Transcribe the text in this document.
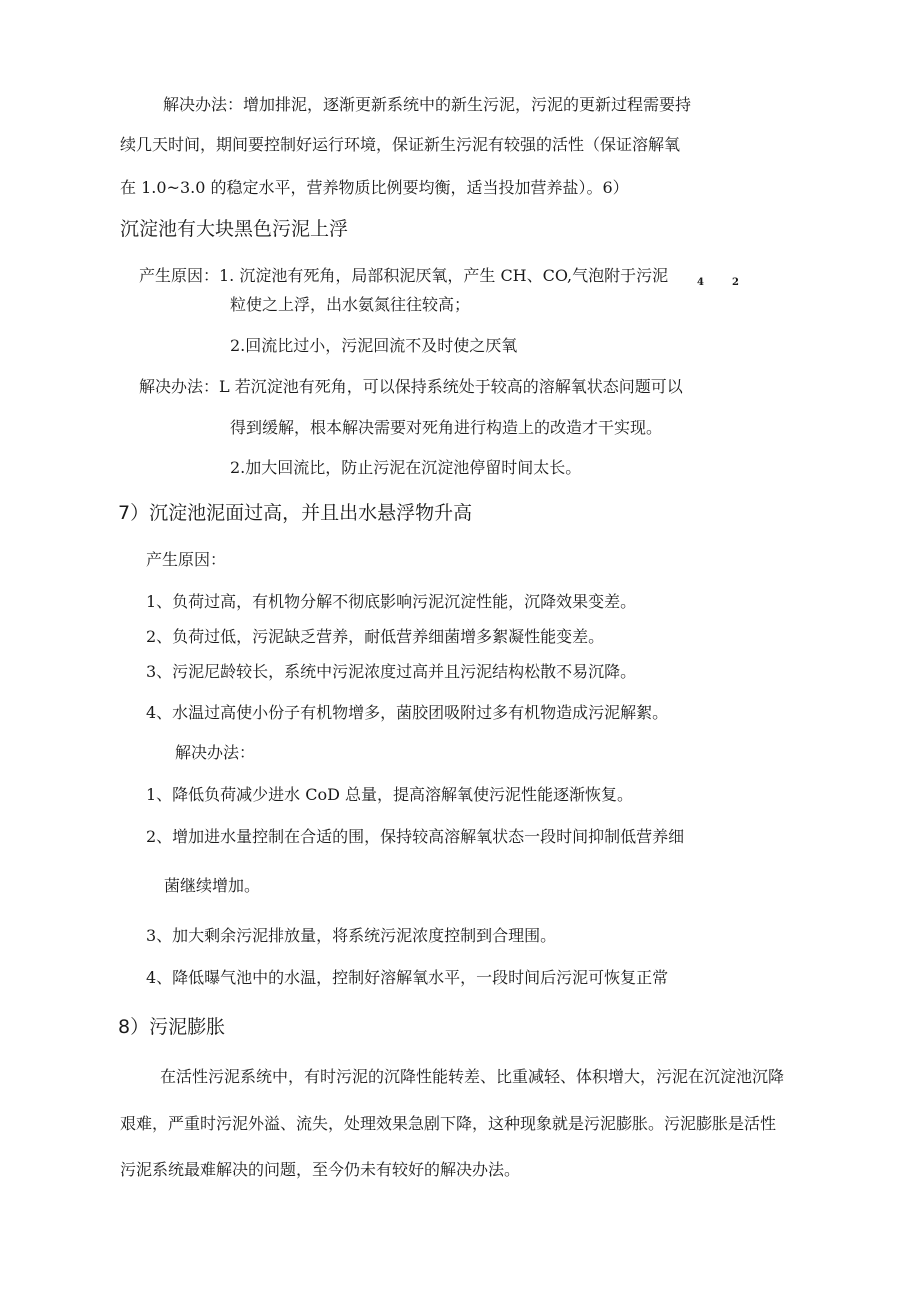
解决办法：增加排泥，逐渐更新系统中的新生污泥，污泥的更新过程需要持
续几天时间，期间要控制好运行环境，保证新生污泥有较强的活性（保证溶解氧
在 1.0~3.0 的稳定水平，营养物质比例要均衡，适当投加营养盐）。6）
沉淀池有大块黑色污泥上浮
产生原因：1. 沉淀池有死角，局部积泥厌氧，产生 CH、CO,气泡附于污泥	4	2
粒使之上浮，出水氨氮往往较高；
2.回流比过小，污泥回流不及时使之厌氧
解决办法：L 若沉淀池有死角，可以保持系统处于较高的溶解氧状态问题可以
得到缓解，根本解决需要对死角进行构造上的改造才干实现。
2.加大回流比，防止污泥在沉淀池停留时间太长。
7）沉淀池泥面过高，并且出水悬浮物升高
产生原因：
1、负荷过高，有机物分解不彻底影响污泥沉淀性能，沉降效果变差。
2、负荷过低，污泥缺乏营养，耐低营养细菌增多絮凝性能变差。
3、污泥尼龄较长，系统中污泥浓度过高并且污泥结构松散不易沉降。
4、水温过高使小份子有机物增多，菌胶团吸附过多有机物造成污泥解絮。
解决办法：
1、降低负荷减少进水 CoD 总量，提高溶解氧使污泥性能逐渐恢复。
2、增加进水量控制在合适的围，保持较高溶解氧状态一段时间抑制低营养细
菌继续增加。
3、加大剩余污泥排放量，将系统污泥浓度控制到合理围。
4、降低曝气池中的水温，控制好溶解氧水平，一段时间后污泥可恢复正常
8）污泥膨胀
在活性污泥系统中，有时污泥的沉降性能转差、比重减轻、体积增大，污泥在沉淀池沉降
艰难，严重时污泥外溢、流失，处理效果急剧下降，这种现象就是污泥膨胀。污泥膨胀是活性
污泥系统最难解决的问题，至今仍未有较好的解决办法。
